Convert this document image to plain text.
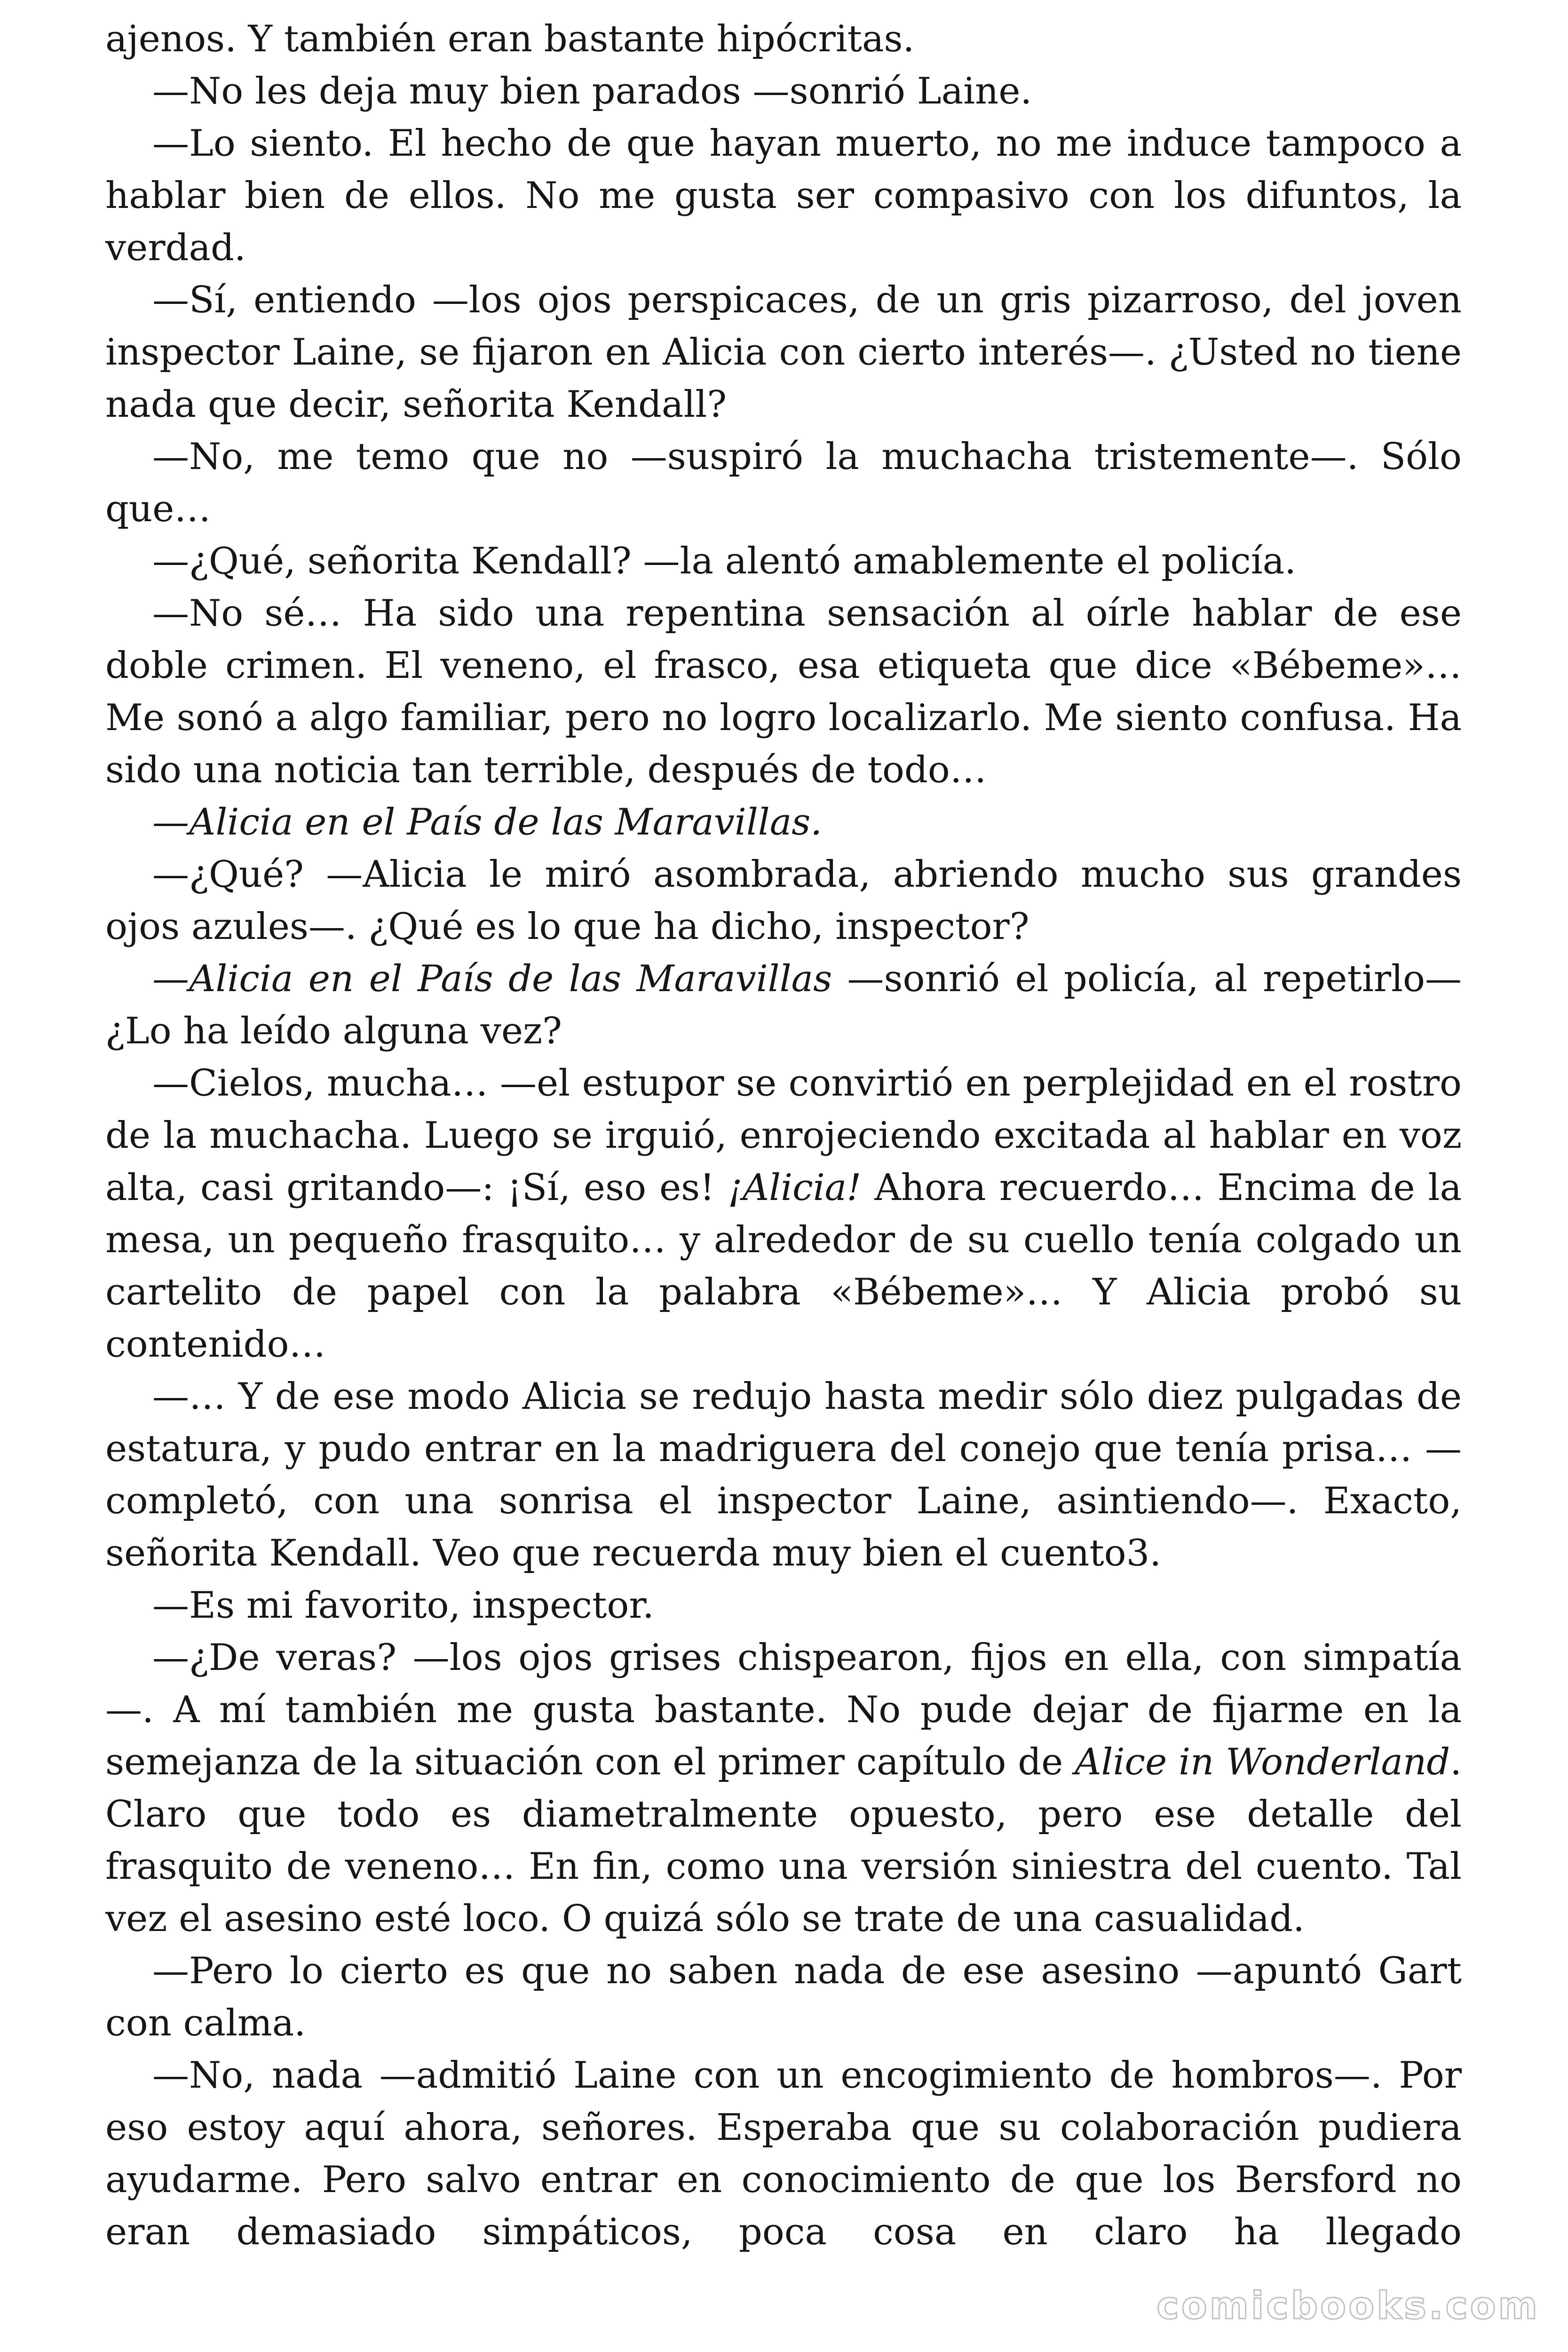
ajenos. Y también eran bastante hipócritas.

—No les deja muy bien parados —sonrió Laine.

—Lo siento. El hecho de que hayan muerto, no me induce tampoco a hablar bien de ellos. No me gusta ser compasivo con los difuntos, la verdad.

—Sí, entiendo —los ojos perspicaces, de un gris pizarroso, del joven inspector Laine, se fijaron en Alicia con cierto interés—. ¿Usted no tiene nada que decir, señorita Kendall?

—No, me temo que no —suspiró la muchacha tristemente—. Sólo que…

—¿Qué, señorita Kendall? —la alentó amablemente el policía.

—No sé… Ha sido una repentina sensación al oírle hablar de ese doble crimen. El veneno, el frasco, esa etiqueta que dice «Bébeme»… Me sonó a algo familiar, pero no logro localizarlo. Me siento confusa. Ha sido una noticia tan terrible, después de todo…

—Alicia en el País de las Maravillas.

—¿Qué? —Alicia le miró asombrada, abriendo mucho sus grandes ojos azules—. ¿Qué es lo que ha dicho, inspector?

—Alicia en el País de las Maravillas —sonrió el policía, al repetirlo— ¿Lo ha leído alguna vez?

—Cielos, mucha… —el estupor se convirtió en perplejidad en el rostro de la muchacha. Luego se irguió, enrojeciendo excitada al hablar en voz alta, casi gritando—: ¡Sí, eso es! ¡Alicia! Ahora recuerdo… Encima de la mesa, un pequeño frasquito… y alrededor de su cuello tenía colgado un cartelito de papel con la palabra «Bébeme»… Y Alicia probó su contenido…

—… Y de ese modo Alicia se redujo hasta medir sólo diez pulgadas de estatura, y pudo entrar en la madriguera del conejo que tenía prisa… —completó, con una sonrisa el inspector Laine, asintiendo—. Exacto, señorita Kendall. Veo que recuerda muy bien el cuento3.

—Es mi favorito, inspector.

—¿De veras? —los ojos grises chispearon, fijos en ella, con simpatía —. A mí también me gusta bastante. No pude dejar de fijarme en la semejanza de la situación con el primer capítulo de Alice in Wonderland. Claro que todo es diametralmente opuesto, pero ese detalle del frasquito de veneno… En fin, como una versión siniestra del cuento. Tal vez el asesino esté loco. O quizá sólo se trate de una casualidad.

—Pero lo cierto es que no saben nada de ese asesino —apuntó Gart con calma.

—No, nada —admitió Laine con un encogimiento de hombros—. Por eso estoy aquí ahora, señores. Esperaba que su colaboración pudiera ayudarme. Pero salvo entrar en conocimiento de que los Bersford no eran demasiado simpáticos, poca cosa en claro ha llegado

comicbooks.com
